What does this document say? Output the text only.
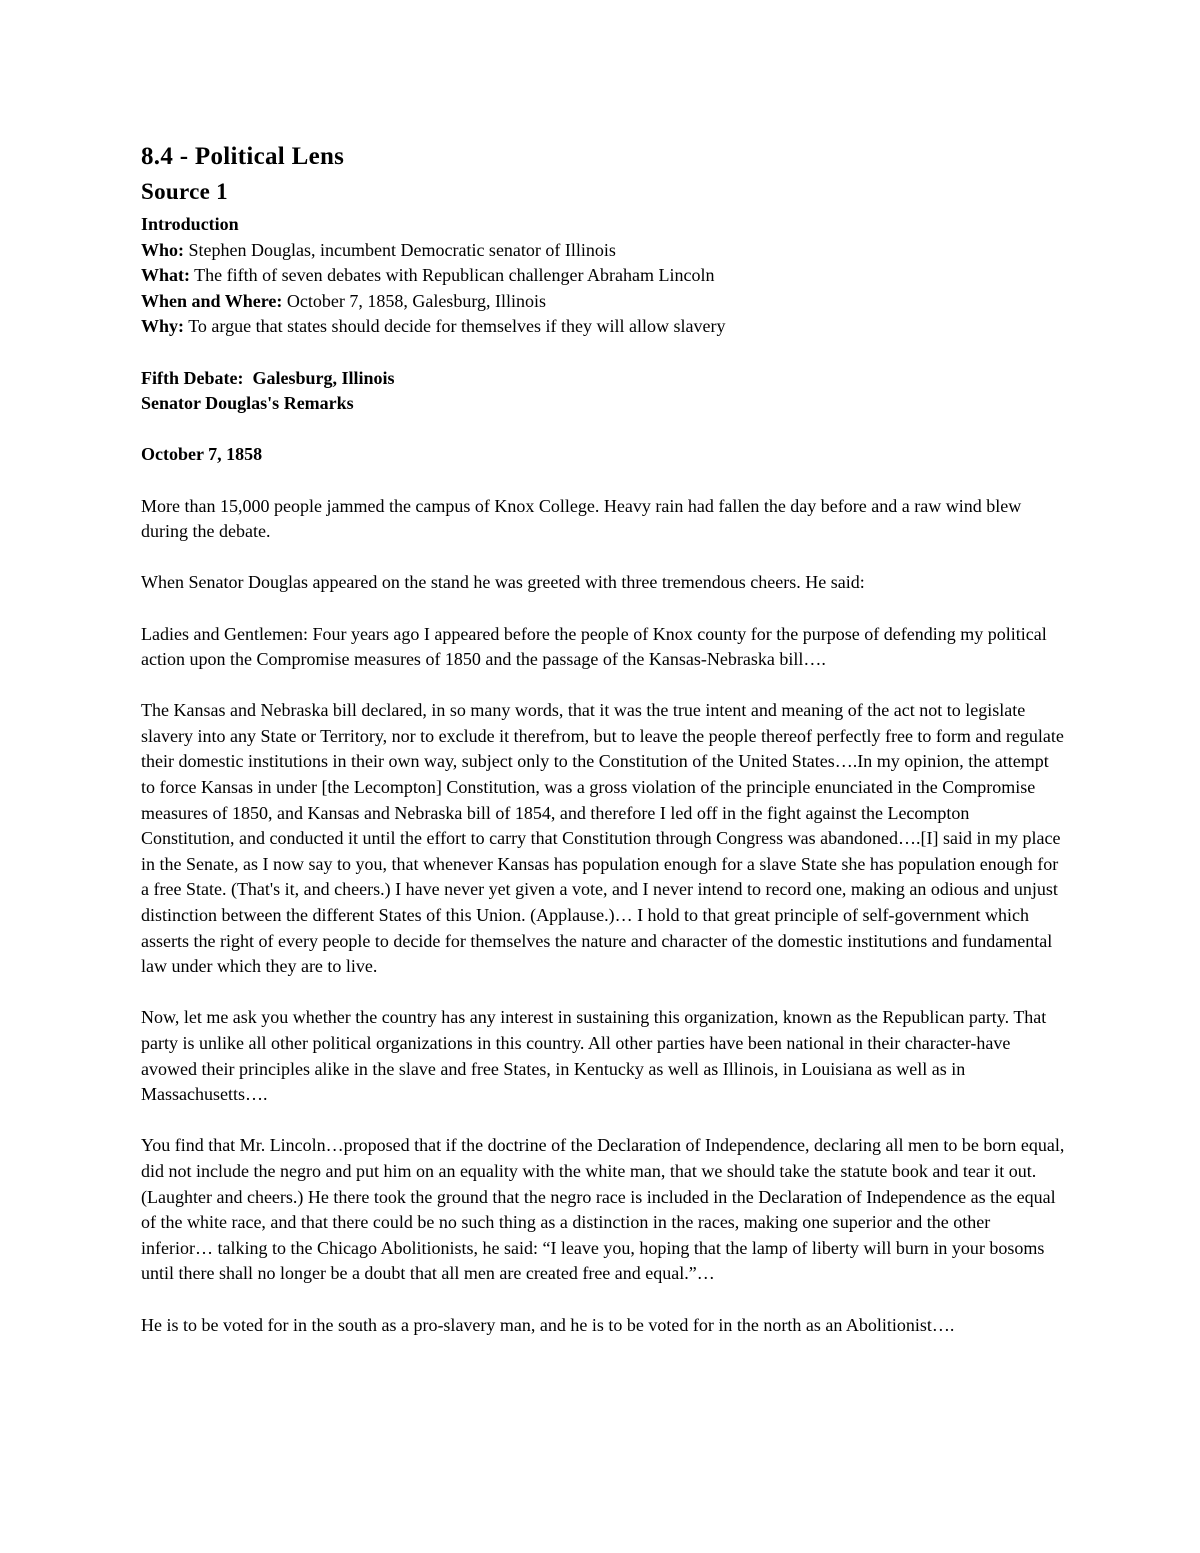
8.4 - Political Lens
Source 1

Introduction

Who: Stephen Douglas, incumbent Democratic senator of Illinois

What: The fifth of seven debates with Republican challenger Abraham Lincoln

When and Where: October 7, 1858, Galesburg, Illinois

Why: To argue that states should decide for themselves if they will allow slavery

Fifth Debate:  Galesburg, Illinois

Senator Douglas's Remarks

October 7, 1858

More than 15,000 people jammed the campus of Knox College. Heavy rain had fallen the day before and a raw wind blew during the debate.

When Senator Douglas appeared on the stand he was greeted with three tremendous cheers. He said:

Ladies and Gentlemen: Four years ago I appeared before the people of Knox county for the purpose of defending my political action upon the Compromise measures of 1850 and the passage of the Kansas-Nebraska bill….

The Kansas and Nebraska bill declared, in so many words, that it was the true intent and meaning of the act not to legislate slavery into any State or Territory, nor to exclude it therefrom, but to leave the people thereof perfectly free to form and regulate their domestic institutions in their own way, subject only to the Constitution of the United States….In my opinion, the attempt to force Kansas in under [the Lecompton] Constitution, was a gross violation of the principle enunciated in the Compromise measures of 1850, and Kansas and Nebraska bill of 1854, and therefore I led off in the fight against the Lecompton Constitution, and conducted it until the effort to carry that Constitution through Congress was abandoned….[I] said in my place in the Senate, as I now say to you, that whenever Kansas has population enough for a slave State she has population enough for a free State. (That's it, and cheers.) I have never yet given a vote, and I never intend to record one, making an odious and unjust distinction between the different States of this Union. (Applause.)… I hold to that great principle of self-government which asserts the right of every people to decide for themselves the nature and character of the domestic institutions and fundamental law under which they are to live.

Now, let me ask you whether the country has any interest in sustaining this organization, known as the Republican party. That party is unlike all other political organizations in this country. All other parties have been national in their character-have avowed their principles alike in the slave and free States, in Kentucky as well as Illinois, in Louisiana as well as in Massachusetts….

You find that Mr. Lincoln…proposed that if the doctrine of the Declaration of Independence, declaring all men to be born equal, did not include the negro and put him on an equality with the white man, that we should take the statute book and tear it out. (Laughter and cheers.) He there took the ground that the negro race is included in the Declaration of Independence as the equal of the white race, and that there could be no such thing as a distinction in the races, making one superior and the other inferior… talking to the Chicago Abolitionists, he said: “I leave you, hoping that the lamp of liberty will burn in your bosoms until there shall no longer be a doubt that all men are created free and equal.”…

He is to be voted for in the south as a pro-slavery man, and he is to be voted for in the north as an Abolitionist….
